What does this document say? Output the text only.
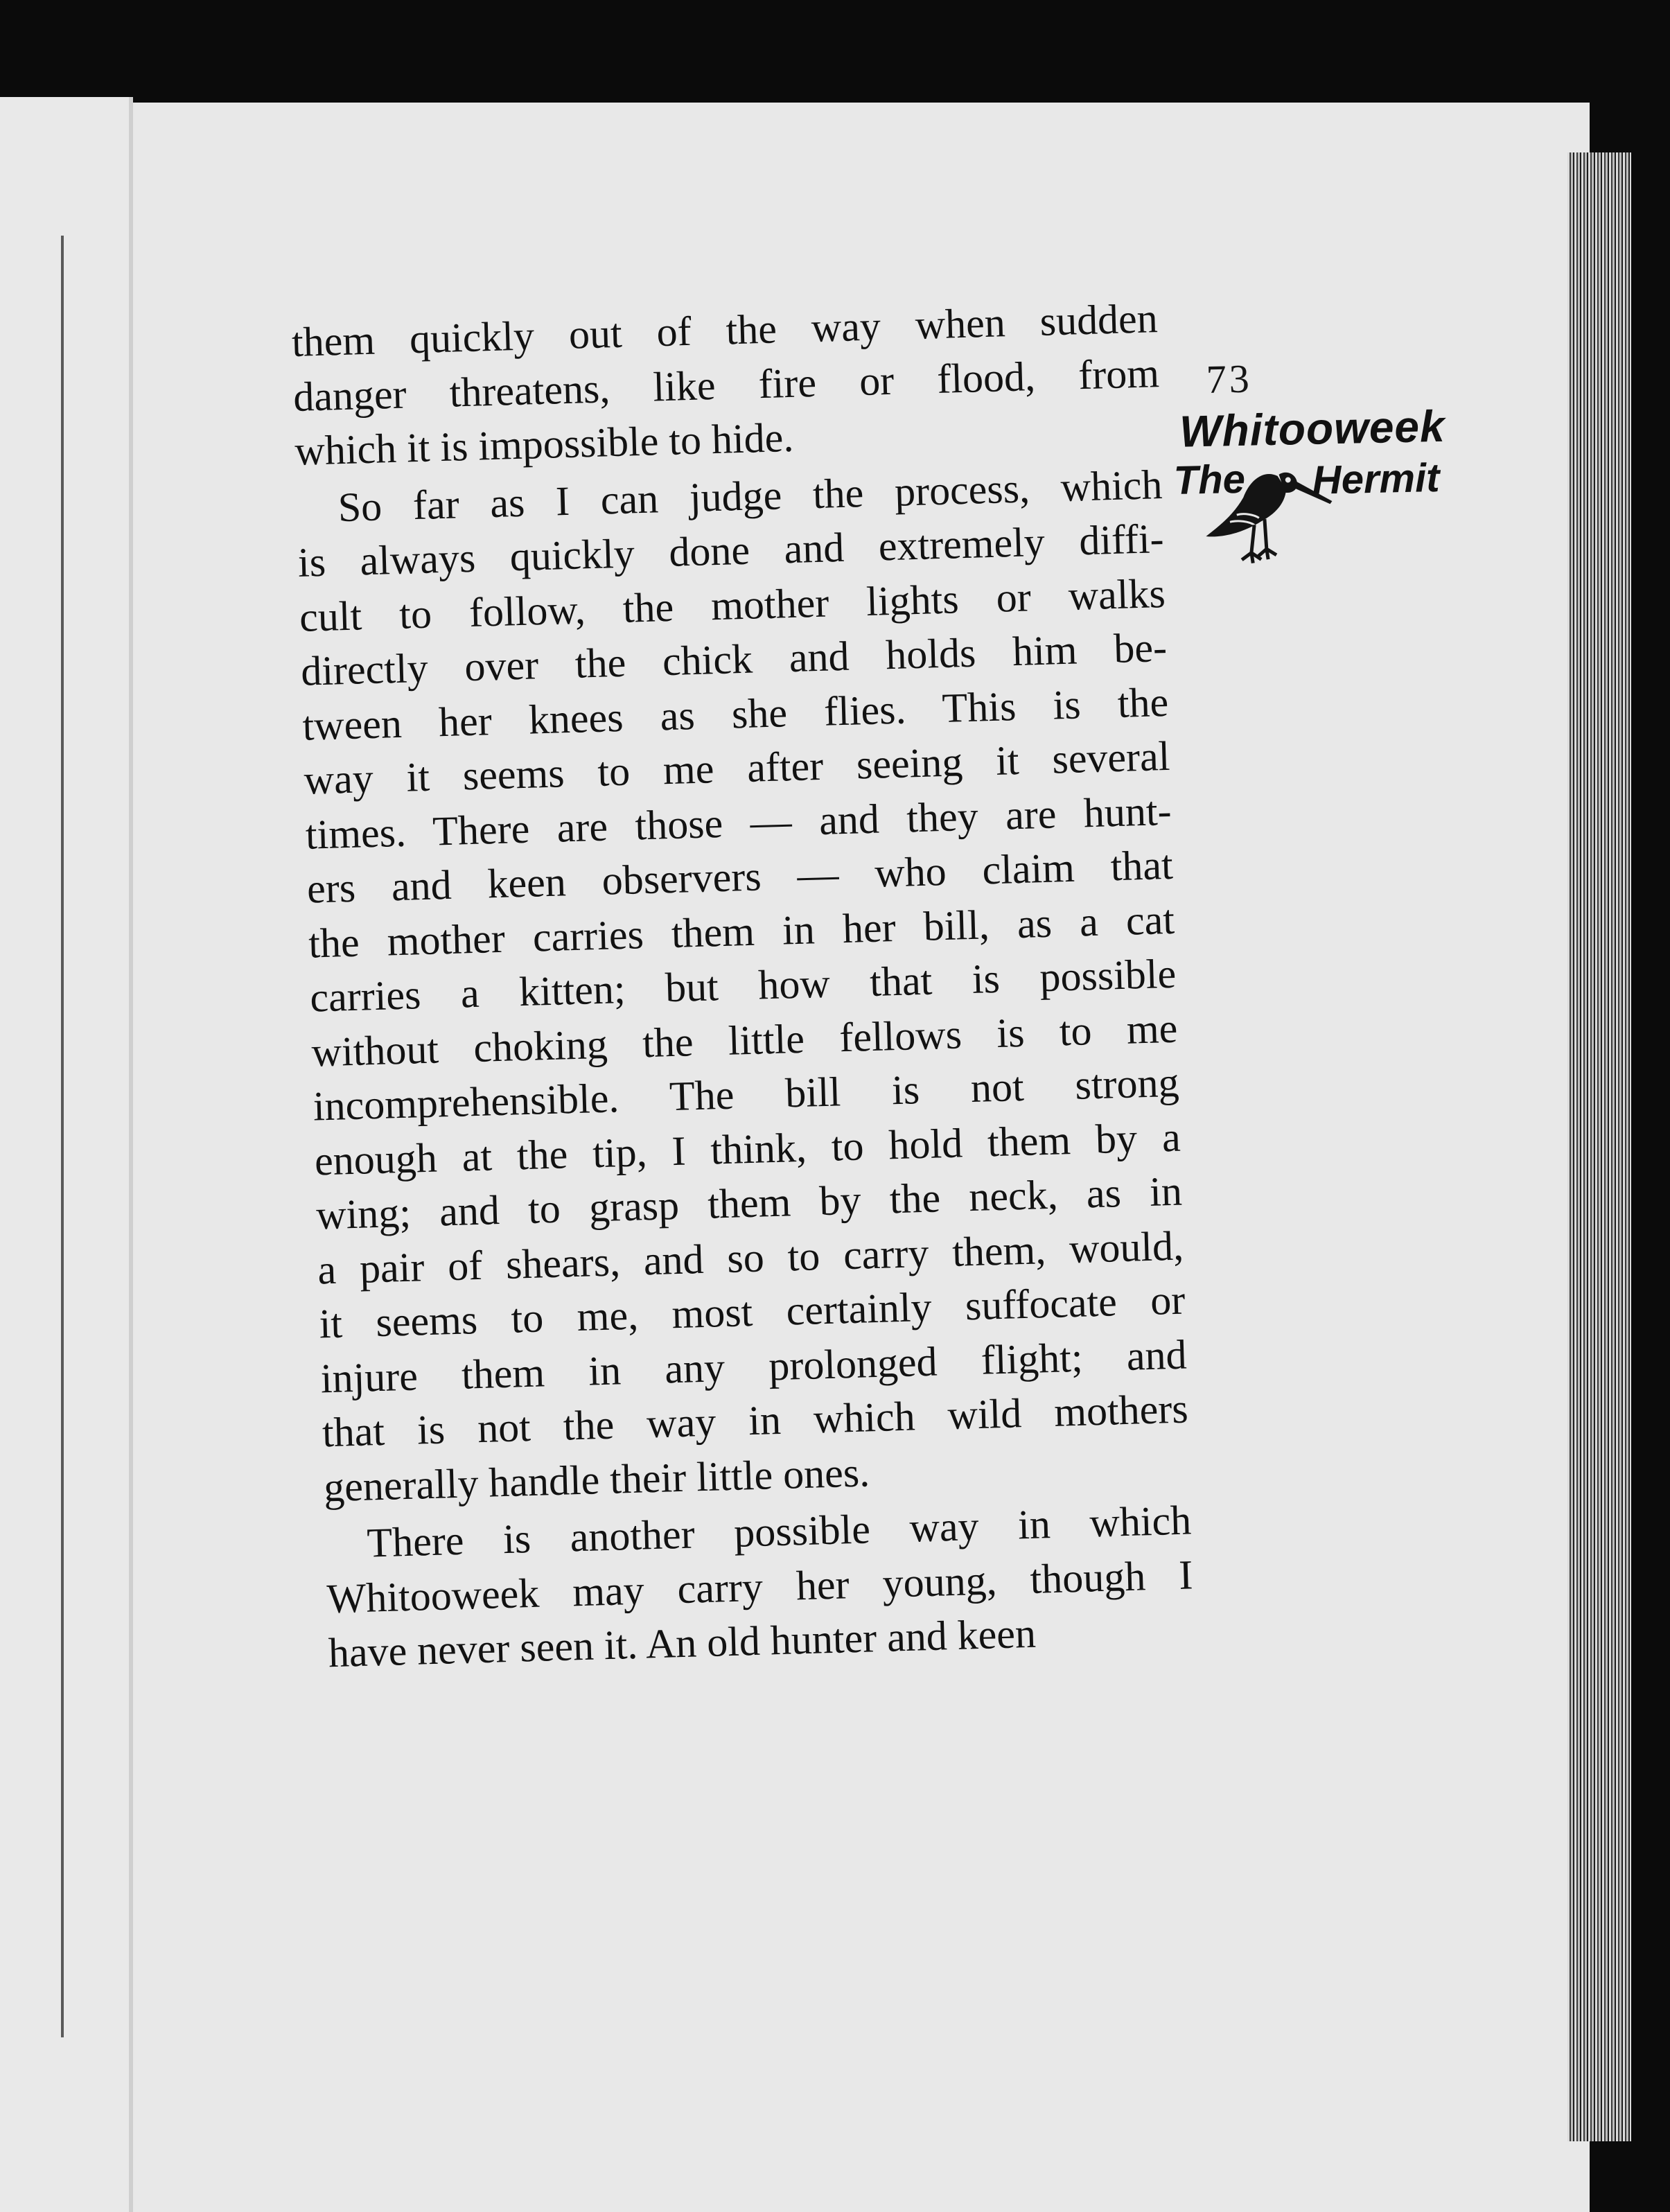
73
Whitooweek
The Hermit

them quickly out of the way when sudden

danger threatens, like fire or flood, from

which it is impossible to hide.

So far as I can judge the process, which

is always quickly done and extremely diffi-

cult to follow, the mother lights or walks

directly over the chick and holds him be-

tween her knees as she flies. This is the

way it seems to me after seeing it several

times. There are those — and they are hunt-

ers and keen observers — who claim that

the mother carries them in her bill, as a cat

carries a kitten; but how that is possible

without choking the little fellows is to me

incomprehensible. The bill is not strong

enough at the tip, I think, to hold them by a

wing; and to grasp them by the neck, as in

a pair of shears, and so to carry them, would,

it seems to me, most certainly suffocate or

injure them in any prolonged flight; and

that is not the way in which wild mothers

generally handle their little ones.

There is another possible way in which

Whitooweek may carry her young, though I

have never seen it. An old hunter and keen
